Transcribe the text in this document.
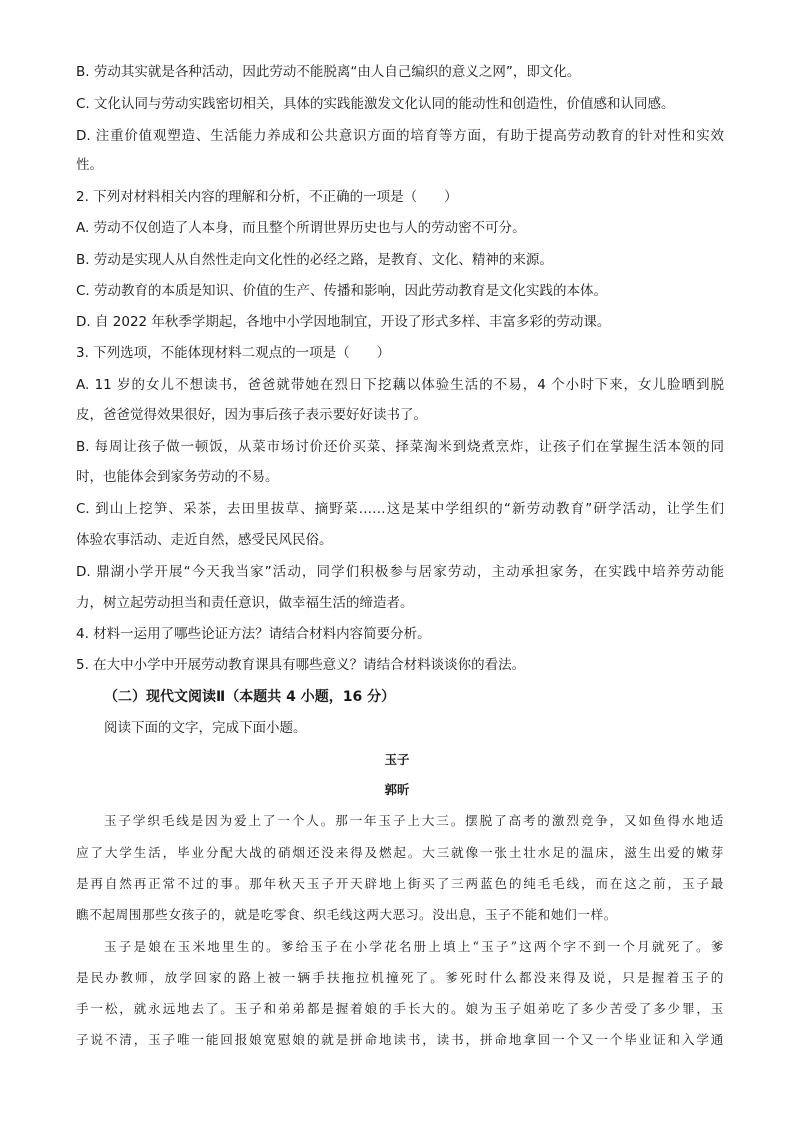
B. 劳动其实就是各种活动，因此劳动不能脱离“由人自己编织的意义之网”，即文化。
C. 文化认同与劳动实践密切相关，具体的实践能激发文化认同的能动性和创造性，价值感和认同感。
D. 注重价值观塑造、生活能力养成和公共意识方面的培育等方面，有助于提高劳动教育的针对性和实效
性。
2. 下列对材料相关内容的理解和分析，不正确的一项是（　　）
A. 劳动不仅创造了人本身，而且整个所谓世界历史也与人的劳动密不可分。
B. 劳动是实现人从自然性走向文化性的必经之路，是教育、文化、精神的来源。
C. 劳动教育的本质是知识、价值的生产、传播和影响，因此劳动教育是文化实践的本体。
D. 自 2022 年秋季学期起，各地中小学因地制宜，开设了形式多样、丰富多彩的劳动课。
3. 下列选项，不能体现材料二观点的一项是（　　）
A. 11 岁的女儿不想读书，爸爸就带她在烈日下挖藕以体验生活的不易，4 个小时下来，女儿脸晒到脱
皮，爸爸觉得效果很好，因为事后孩子表示要好好读书了。
B. 每周让孩子做一顿饭，从菜市场讨价还价买菜、择菜淘米到烧煮烹炸，让孩子们在掌握生活本领的同
时，也能体会到家务劳动的不易。
C. 到山上挖笋、采茶，去田里拔草、摘野菜……这是某中学组织的“新劳动教育”研学活动，让学生们
体验农事活动、走近自然，感受民风民俗。
D. 鼎湖小学开展“今天我当家”活动，同学们积极参与居家劳动，主动承担家务，在实践中培养劳动能
力，树立起劳动担当和责任意识，做幸福生活的缔造者。
4. 材料一运用了哪些论证方法？请结合材料内容简要分析。
5. 在大中小学中开展劳动教育课具有哪些意义？请结合材料谈谈你的看法。
（二）现代文阅读Ⅱ（本题共 4 小题，16 分）
阅读下面的文字，完成下面小题。
玉子
郭昕
玉子学织毛线是因为爱上了一个人。那一年玉子上大三。摆脱了高考的激烈竞争，又如鱼得水地适
应了大学生活，毕业分配大战的硝烟还没来得及燃起。大三就像一张土壮水足的温床，滋生出爱的嫩芽
是再自然再正常不过的事。那年秋天玉子开天辟地上街买了三两蓝色的纯毛毛线，而在这之前，玉子最
瞧不起周围那些女孩子的，就是吃零食、织毛线这两大恶习。没出息，玉子不能和她们一样。
玉子是娘在玉米地里生的。爹给玉子在小学花名册上填上“玉子”这两个字不到一个月就死了。爹
是民办教师，放学回家的路上被一辆手扶拖拉机撞死了。爹死时什么都没来得及说，只是握着玉子的
手一松，就永远地去了。玉子和弟弟都是握着娘的手长大的。娘为玉子姐弟吃了多少苦受了多少罪，玉
子说不清，玉子唯一能回报娘宽慰娘的就是拼命地读书，读书，拼命地拿回一个又一个毕业证和入学通
